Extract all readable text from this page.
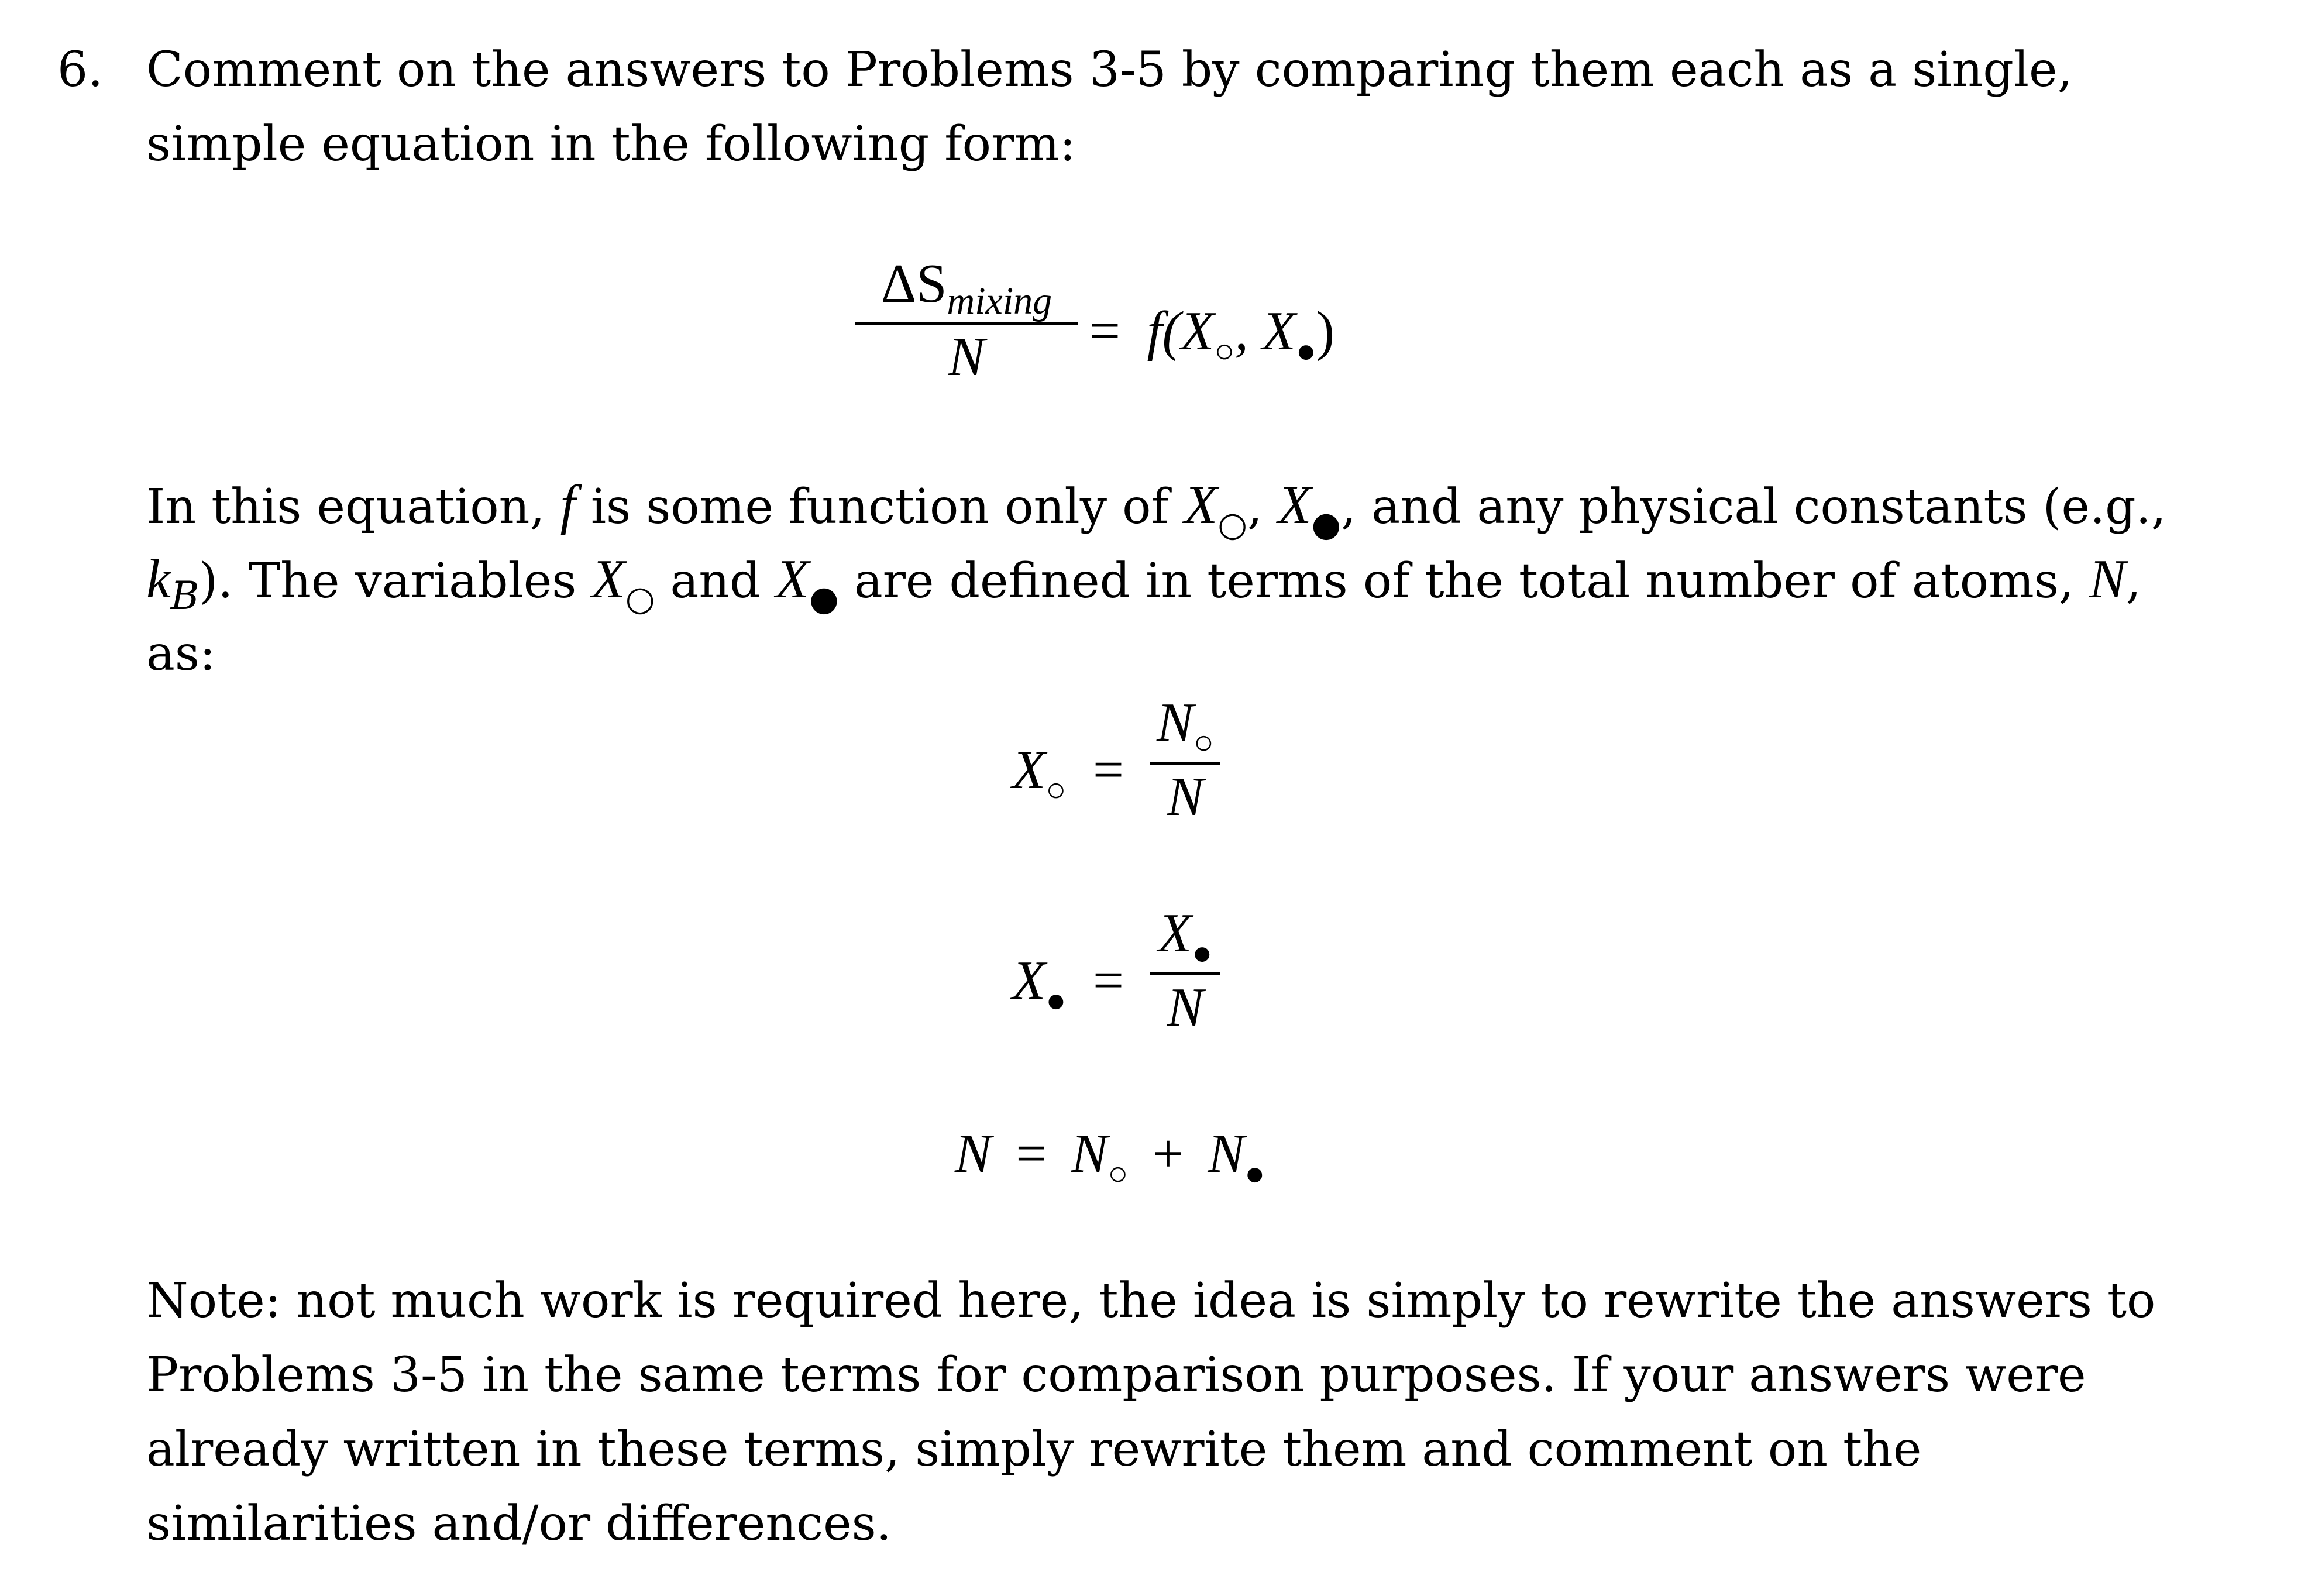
6. Comment on the answers to Problems 3-5 by comparing them each as a single,
simple equation in the following form:
$\Delta S_{mixing}$
$N = f(X_○$, $X_●$)
In this equation, f is some function only of $X_○$, $X_●$, and any physical constants (e.g.,
$k_B$). The variables $X_○$ and $X_●$ are defined in terms of the total number of atoms, N,
as:
$X_○$ =
$N_○$
N
$X_●$ =
$X_●$
N
$N = N_○ + N_●$
Note: not much work is required here, the idea is simply to rewrite the answers to
Problems 3-5 in the same terms for comparison purposes. If your answers were
already written in these terms, simply rewrite them and comment on the
similarities and/or differences.
